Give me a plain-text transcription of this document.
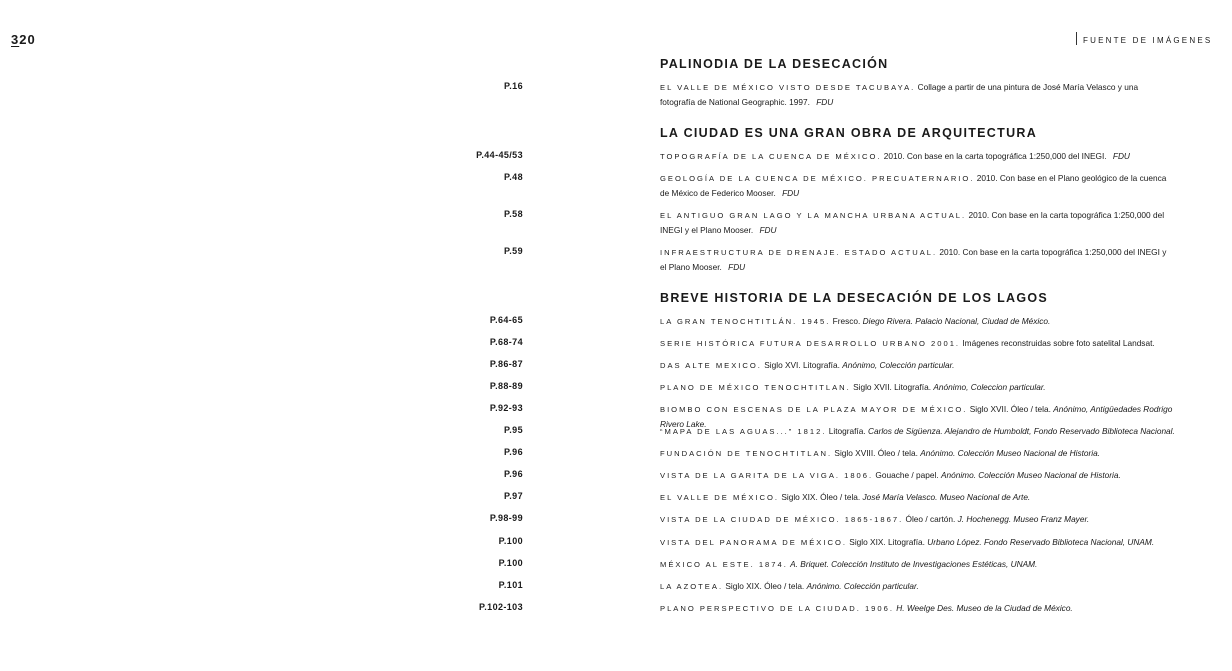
320	FUENTE DE IMÁGENES
PALINODIA DE LA DESECACIÓN
LA CIUDAD ES UNA GRAN OBRA DE ARQUITECTURA
BREVE HISTORIA DE LA DESECACIÓN DE LOS LAGOS
P.16	EL VALLE DE MÉXICO VISTO DESDE TACUBAYA. Collage a partir de una pintura de José María Velasco y una fotografía de National Geographic. 1997. FDU
P.44-45/53	TOPOGRAFÍA DE LA CUENCA DE MÉXICO. 2010. Con base en la carta topográfica 1:250,000 del INEGI. FDU
P.48	GEOLOGÍA DE LA CUENCA DE MÉXICO. PRECUATERNARIO. 2010. Con base en el Plano geológico de la cuenca de México de Federico Mooser. FDU
P.58	EL ANTIGUO GRAN LAGO Y LA MANCHA URBANA ACTUAL. 2010. Con base en la carta topográfica 1:250,000 del INEGI y el Plano Mooser. FDU
P.59	INFRAESTRUCTURA DE DRENAJE. ESTADO ACTUAL. 2010. Con base en la carta topográfica 1:250,000 del INEGI y el Plano Mooser. FDU
P.64-65	LA GRAN TENOCHTITLÁN. 1945. Fresco. Diego Rivera. Palacio Nacional, Ciudad de México.
P.68-74	SERIE HISTÓRICA FUTURA DESARROLLO URBANO 2001. Imágenes reconstruidas sobre foto satelital Landsat.
P.86-87	DAS ALTE MEXICO. Siglo XVI. Litografía. Anónimo, Colección particular.
P.88-89	PLANO DE MÉXICO TENOCHTITLAN. Siglo XVII. Litografía. Anónimo, Coleccion particular.
P.92-93	BIOMBO CON ESCENAS DE LA PLAZA MAYOR DE MÉXICO. Siglo XVII. Óleo / tela. Anónimo, Antigüedades Rodrigo Rivero Lake.
P.95	“MAPA DE LAS AGUAS...” 1812. Litografía. Carlos de Sigüenza. Alejandro de Humboldt, Fondo Reservado Biblioteca Nacional.
P.96	FUNDACIÓN DE TENOCHTITLAN. Siglo XVIII. Óleo / tela. Anónimo. Colección Museo Nacional de Historia.
P.96	VISTA DE LA GARITA DE LA VIGA. 1806. Gouache / papel. Anónimo. Colección Museo Nacional de Historia.
P.97	EL VALLE DE MÉXICO. Siglo XIX. Óleo / tela. José María Velasco. Museo Nacional de Arte.
P.98-99	VISTA DE LA CIUDAD DE MÉXICO. 1865-1867. Óleo / cartón. J. Hochenegg. Museo Franz Mayer.
P.100	VISTA DEL PANORAMA DE MÉXICO. Siglo XIX. Litografía. Urbano López. Fondo Reservado Biblioteca Nacional, UNAM.
P.100	MÉXICO AL ESTE. 1874. A. Briquet. Colección Instituto de Investigaciones Estéticas, UNAM.
P.101	LA AZOTEA. Siglo XIX. Óleo / tela. Anónimo. Colección particular.
P.102-103	PLANO PERSPECTIVO DE LA CIUDAD. 1906. H. Weelge Des. Museo de la Ciudad de México.
